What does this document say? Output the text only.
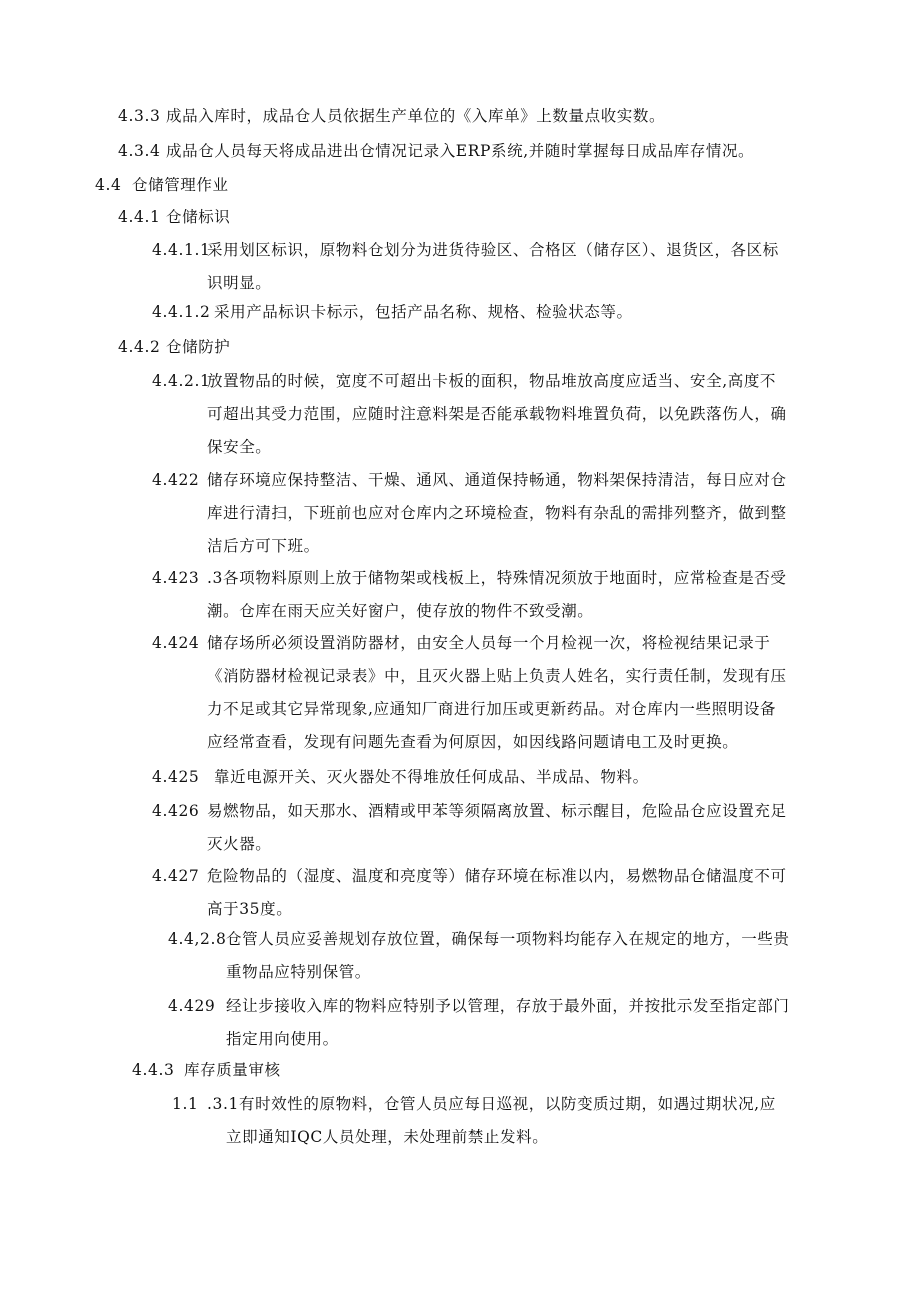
4.3.3 成品入库时，成品仓人员依据生产单位的《入库单》上数量点收实数。
4.3.4 成品仓人员每天将成品进出仓情况记录入ERP系统,并随时掌握每日成品库存情况。
4.4 仓储管理作业
4.4.1 仓储标识
4.4.1.1采用划区标识，原物料仓划分为进货待验区、合格区（储存区）、退货区，各区标
识明显。
4.4.1.2 采用产品标识卡标示，包括产品名称、规格、检验状态等。
4.4.2 仓储防护
4.4.2.1放置物品的时候，宽度不可超出卡板的面积，物品堆放高度应适当、安全,高度不
可超出其受力范围，应随时注意料架是否能承载物料堆置负荷，以免跌落伤人，确
保安全。
4.422 储存环境应保持整洁、干燥、通风、通道保持畅通，物料架保持清洁，每日应对仓
库进行清扫，下班前也应对仓库内之环境检查，物料有杂乱的需排列整齐，做到整
洁后方可下班。
4.423 .3各项物料原则上放于储物架或栈板上，特殊情况须放于地面时，应常检查是否受
潮。仓库在雨天应关好窗户，使存放的物件不致受潮。
4.424 储存场所必须设置消防器材，由安全人员每一个月检视一次，将检视结果记录于
《消防器材检视记录表》中，且灭火器上贴上负责人姓名，实行责任制，发现有压
力不足或其它异常现象,应通知厂商进行加压或更新药品。对仓库内一些照明设备
应经常查看，发现有问题先查看为何原因，如因线路问题请电工及时更换。
4.425 靠近电源开关、灭火器处不得堆放任何成品、半成品、物料。
4.426 易燃物品，如天那水、酒精或甲苯等须隔离放置、标示醒目，危险品仓应设置充足
灭火器。
4.427 危险物品的（湿度、温度和亮度等）储存环境在标准以内，易燃物品仓储温度不可
高于35度。
4.4,2.8仓管人员应妥善规划存放位置，确保每一项物料均能存入在规定的地方，一些贵
重物品应特别保管。
4.429 经让步接收入库的物料应特别予以管理，存放于最外面，并按批示发至指定部门
指定用向使用。
4.4.3 库存质量审核
1.1 .3.1有时效性的原物料，仓管人员应每日巡视，以防变质过期，如遇过期状况,应
立即通知IQC人员处理，未处理前禁止发料。
